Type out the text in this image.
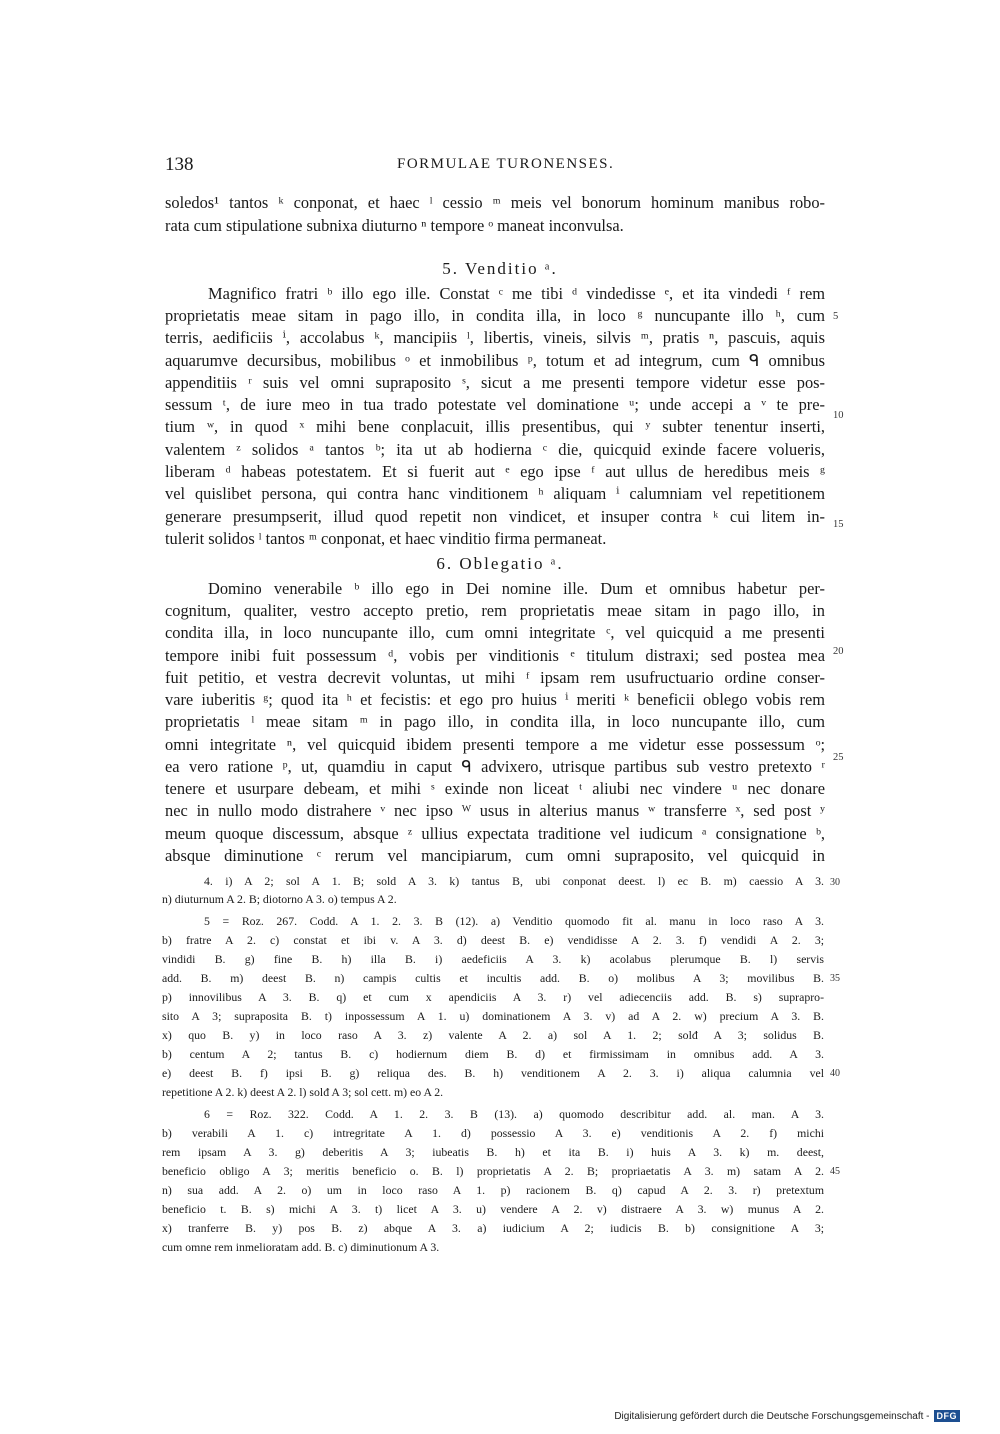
138	FORMULAE TURONENSES.
soledos¹ tantos ᵏ conponat, et haec ˡ cessio ᵐ meis vel bonorum hominum manibus robo-
rata cum stipulatione subnixa diuturno ⁿ tempore ᵒ maneat inconvulsa.
5. Venditio ᵃ.
Magnifico fratri ᵇ illo ego ille. Constat ᶜ me tibi ᵈ vindedisse ᵉ, et ita vindedi ᶠ rem
proprietatis meae sitam in pago illo, in condita illa, in loco ᵍ nuncupante illo ʰ, cum
terris, aedificiis ⁱ, accolabus ᵏ, mancipiis ˡ, libertis, vineis, silvis ᵐ, pratis ⁿ, pascuis, aquis
aquarumve decursibus, mobilibus ᵒ et inmobilibus ᵖ, totum et ad integrum, cum ᑫ omnibus
appenditiis ʳ suis vel omni supraposito ˢ, sicut a me presenti tempore videtur esse pos-
sessum ᵗ, de iure meo in tua trado potestate vel dominatione ᵘ; unde accepi a ᵛ te pre-
tium ʷ, in quod ˣ mihi bene conplacuit, illis presentibus, qui ʸ subter tenentur inserti,
valentem ᶻ solidos ᵃ tantos ᵇ; ita ut ab hodierna ᶜ die, quicquid exinde facere volueris,
liberam ᵈ habeas potestatem. Et si fuerit aut ᵉ ego ipse ᶠ aut ullus de heredibus meis ᵍ
vel quislibet persona, qui contra hanc vinditionem ʰ aliquam ⁱ calumniam vel repetitionem
generare presumpserit, illud quod repetit non vindicet, et insuper contra ᵏ cui litem in-
tulerit solidos ˡ tantos ᵐ conponat, et haec vinditio firma permaneat.
6. Oblegatio ᵃ.
Domino venerabile ᵇ illo ego in Dei nomine ille. Dum et omnibus habetur per-
cognitum, qualiter, vestro accepto pretio, rem proprietatis meae sitam in pago illo, in
condita illa, in loco nuncupante illo, cum omni integritate ᶜ, vel quicquid a me presenti
tempore inibi fuit possessum ᵈ, vobis per vinditionis ᵉ titulum distraxi; sed postea mea
fuit petitio, et vestra decrevit voluntas, ut mihi ᶠ ipsam rem usufructuario ordine conser-
vare iuberitis ᵍ; quod ita ʰ et fecistis: et ego pro huius ⁱ meriti ᵏ beneficii oblego vobis rem
proprietatis ˡ meae sitam ᵐ in pago illo, in condita illa, in loco nuncupante illo, cum
omni integritate ⁿ, vel quicquid ibidem presenti tempore a me videtur esse possessum ᵒ;
ea vero ratione ᵖ, ut, quamdiu in caput ᑫ advixero, utrisque partibus sub vestro pretexto ʳ
tenere et usurpare debeam, et mihi ˢ exinde non liceat ᵗ aliubi nec vindere ᵘ nec donare
nec in nullo modo distrahere ᵛ nec ipso ᵂ usus in alterius manus ʷ transferre ˣ, sed post ʸ
meum quoque discessum, absque ᶻ ullius expectata traditione vel iudicum ᵃ consignatione ᵇ,
absque diminutione ᶜ rerum vel mancipiarum, cum omni supraposito, vel quicquid in
5
10
15
20
25
4. i) A 2; sol A 1. B; sold A 3. k) tantus B, ubi conponat deest. l) ec B. m) caessio A 3.
n) diuturnum A 2. B; diotorno A 3. o) tempus A 2.
5 = Roz. 267. Codd. A 1. 2. 3. B (12). a) Venditio quomodo fit al. manu in loco raso A 3.
b) fratre A 2. c) constat et ibi v. A 3. d) deest B. e) vendidisse A 2. 3. f) vendidi A 2. 3;
vindidi B. g) fine B. h) illa B. i) aedeficiis A 3. k) acolabus plerumque B. l) servis
add. B. m) deest B. n) campis cultis et incultis add. B. o) molibus A 3; movilibus B.
p) innovilibus A 3. B. q) et cum x apendiciis A 3. r) vel adiecenciis add. B. s) suprapro-
sito A 3; supraposita B. t) inpossessum A 1. u) dominationem A 3. v) ad A 2. w) precium A 3. B.
x) quo B. y) in loco raso A 3. z) valente A 2. a) sol A 1. 2; solđ A 3; solidus B.
b) centum A 2; tantus B. c) hodiernum diem B. d) et firmissimam in omnibus add. A 3.
e) deest B. f) ipsi B. g) reliqua des. B. h) venditionem A 2. 3. i) aliqua calumnia vel
repetitione A 2. k) deest A 2. l) solđ A 3; sol cett. m) eo A 2.
6 = Roz. 322. Codd. A 1. 2. 3. B (13). a) quomodo describitur add. al. man. A 3.
b) verabili A 1. c) intregritate A 1. d) possessio A 3. e) venditionis A 2. f) michi
rem ipsam A 3. g) deberitis A 3; iubeatis B. h) et ita B. i) huis A 3. k) m. deest,
beneficio obligo A 3; meritis beneficio o. B. l) proprietatis A 2. B; propriaetatis A 3. m) satam A 2.
n) sua add. A 2. o) um in loco raso A 1. p) racionem B. q) capud A 2. 3. r) pretextum
beneficio t. B. s) michi A 3. t) licet A 3. u) vendere A 2. v) distraere A 3. w) munus A 2.
x) tranferre B. y) pos B. z) abque A 3. a) iudicium A 2; iudicis B. b) consignitione A 3;
cum omne rem inmelioratam add. B. c) diminutionum A 3.
30
35
40
45
Digitalisierung gefördert durch die Deutsche Forschungsgemeinschaft - DFG
